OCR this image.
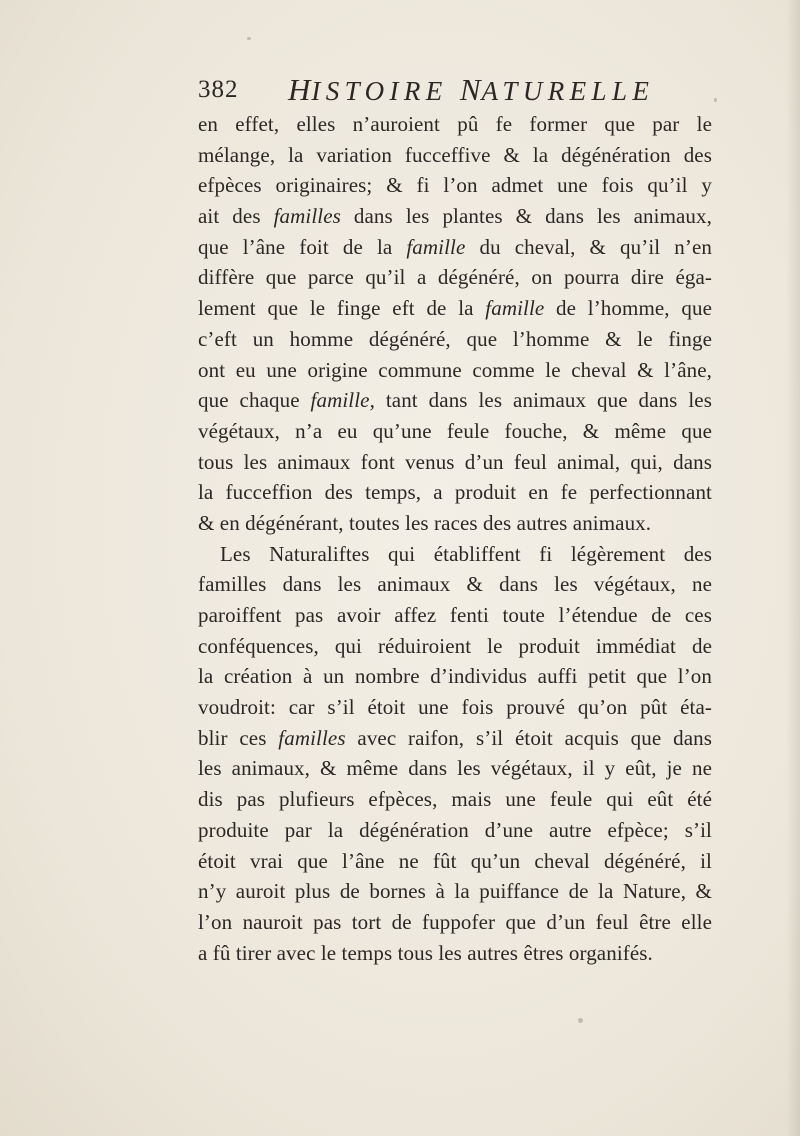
382 HISTOIRE NATURELLE
en effet, elles n’auroient pû fe former que par le
mélange, la variation fucceffive & la dégénération des
efpèces originaires; & fi l’on admet une fois qu’il y
ait des familles dans les plantes & dans les animaux,
que l’âne foit de la famille du cheval, & qu’il n’en
diffère que parce qu’il a dégénéré, on pourra dire éga-
lement que le finge eft de la famille de l’homme, que
c’eft un homme dégénéré, que l’homme & le finge
ont eu une origine commune comme le cheval & l’âne,
que chaque famille, tant dans les animaux que dans les
végétaux, n’a eu qu’une feule fouche, & même que
tous les animaux font venus d’un feul animal, qui, dans
la fucceffion des temps, a produit en fe perfectionnant
& en dégénérant, toutes les races des autres animaux.
Les Naturaliftes qui établiffent fi légèrement des
familles dans les animaux & dans les végétaux, ne
paroiffent pas avoir affez fenti toute l’étendue de ces
conféquences, qui réduiroient le produit immédiat de
la création à un nombre d’individus auffi petit que l’on
voudroit: car s’il étoit une fois prouvé qu’on pût éta-
blir ces familles avec raifon, s’il étoit acquis que dans
les animaux, & même dans les végétaux, il y eût, je ne
dis pas plufieurs efpèces, mais une feule qui eût été
produite par la dégénération d’une autre efpèce; s’il
étoit vrai que l’âne ne fût qu’un cheval dégénéré, il
n’y auroit plus de bornes à la puiffance de la Nature, &
l’on nauroit pas tort de fuppofer que d’un feul être elle
a fû tirer avec le temps tous les autres êtres organifés.
